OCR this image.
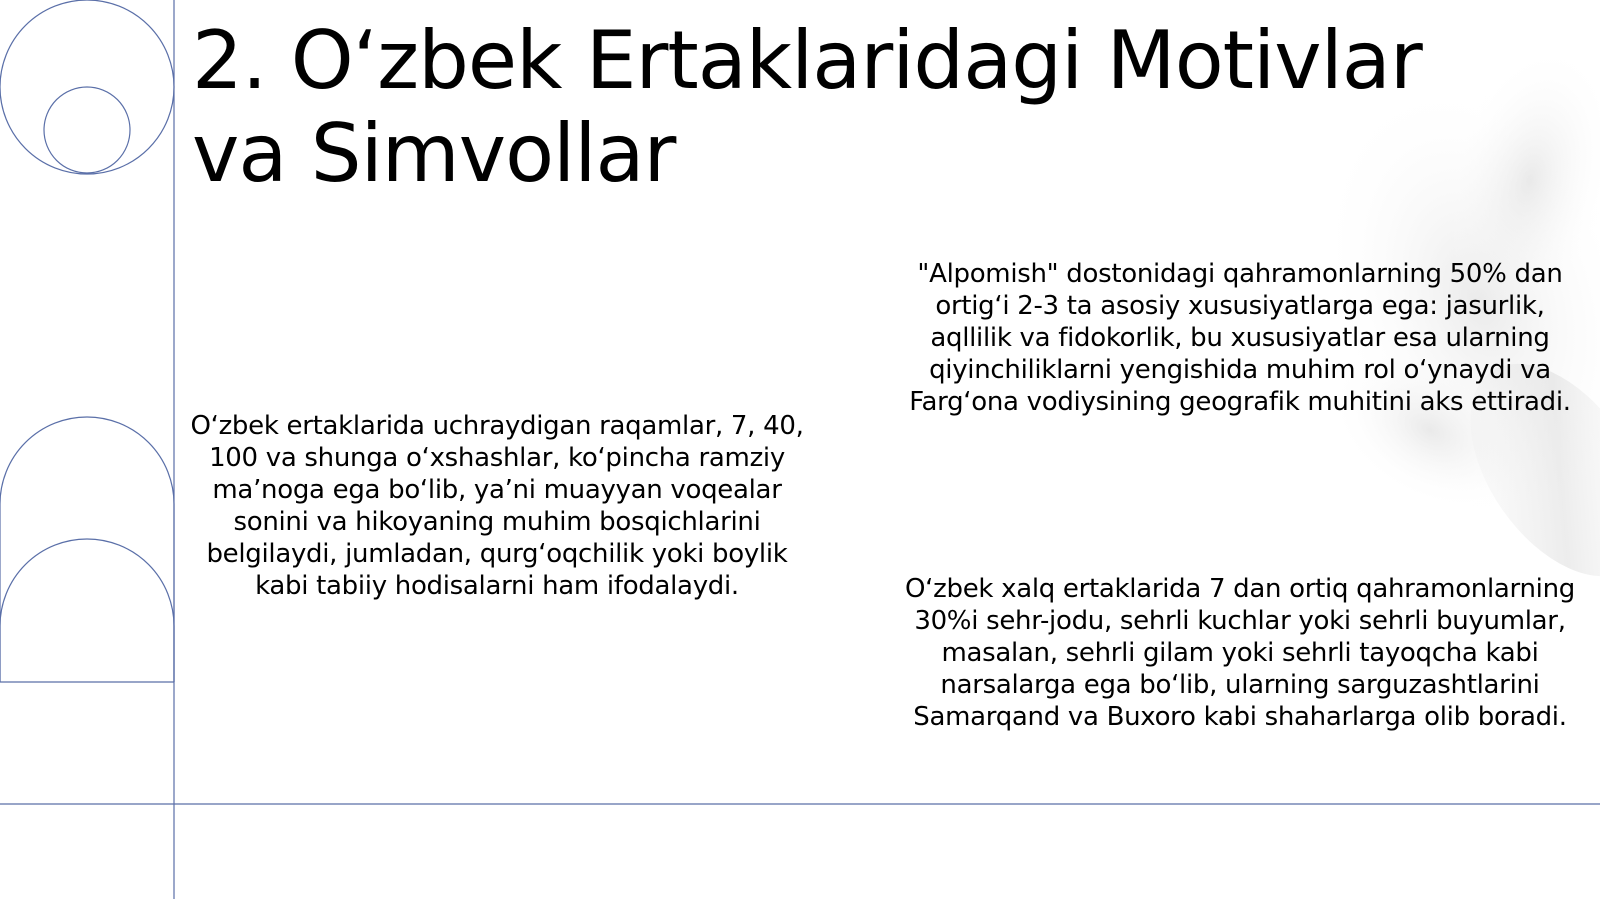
2. O‘zbek Ertaklaridagi Motivlar
va Simvollar

O‘zbek ertaklarida uchraydigan raqamlar, 7, 40, 100 va shunga o‘xshashlar, ko‘pincha ramziy ma’noga ega bo‘lib, ya’ni muayyan voqealar sonini va hikoyaning muhim bosqichlarini belgilaydi, jumladan, qurg‘oqchilik yoki boylik kabi tabiiy hodisalarni ham ifodalaydi.

"Alpomish" dostonidagi qahramonlarning 50% dan ortig‘i 2-3 ta asosiy xususiyatlarga ega: jasurlik, aqllilik va fidokorlik, bu xususiyatlar esa ularning qiyinchiliklarni yengishida muhim rol o‘ynaydi va Farg‘ona vodiysining geografik muhitini aks ettiradi.

O‘zbek xalq ertaklarida 7 dan ortiq qahramonlarning 30%i sehr-jodu, sehrli kuchlar yoki sehrli buyumlar, masalan, sehrli gilam yoki sehrli tayoqcha kabi narsalarga ega bo‘lib, ularning sarguzashtlarini Samarqand va Buxoro kabi shaharlarga olib boradi.
